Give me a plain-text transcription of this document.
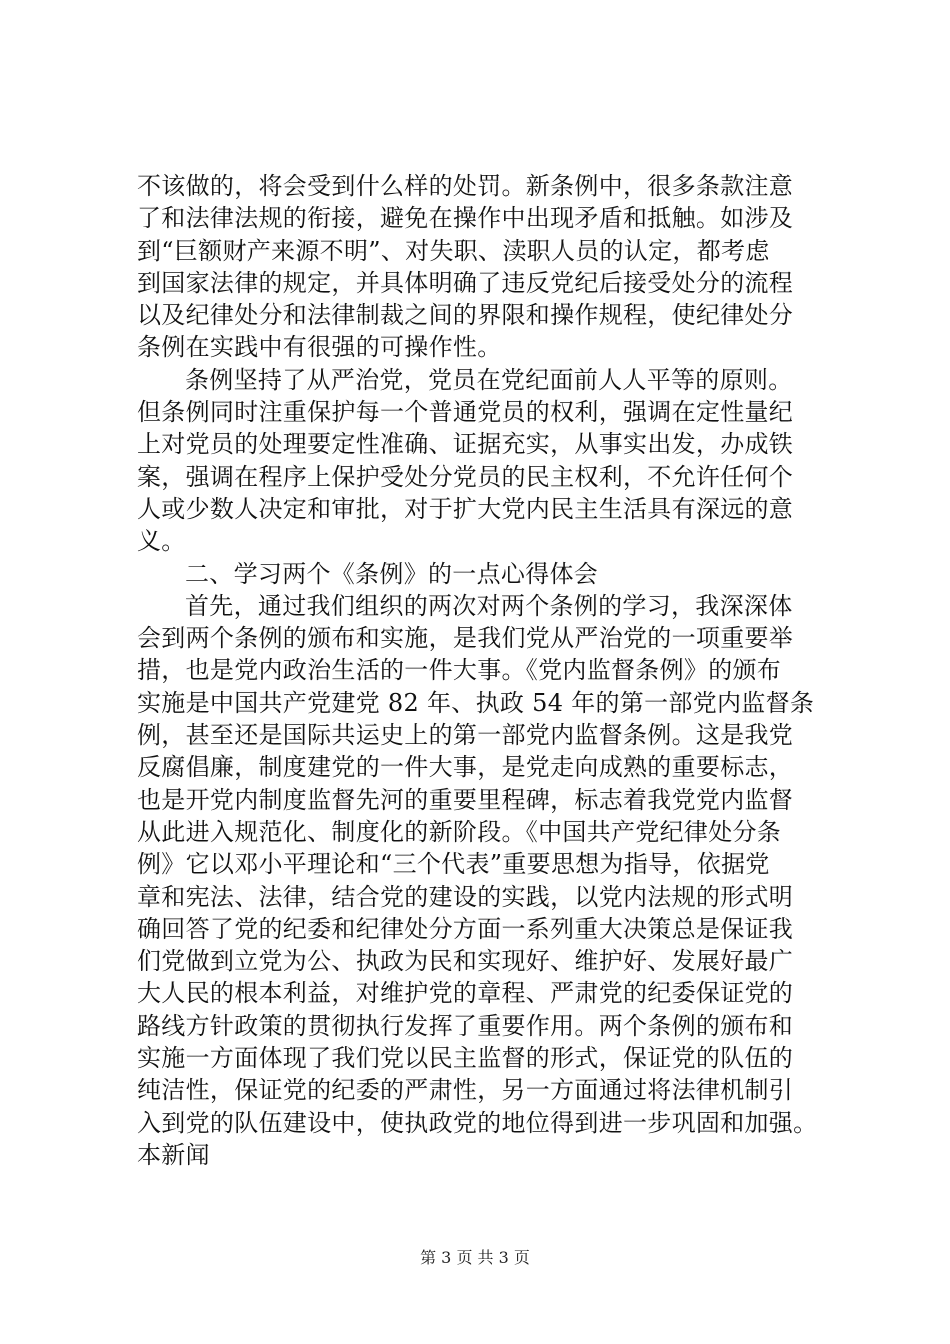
不该做的，将会受到什么样的处罚。新条例中，很多条款注意
了和法律法规的衔接，避免在操作中出现矛盾和抵触。如涉及
到“巨额财产来源不明”、对失职、渎职人员的认定，都考虑
到国家法律的规定，并具体明确了违反党纪后接受处分的流程
以及纪律处分和法律制裁之间的界限和操作规程，使纪律处分
条例在实践中有很强的可操作性。
条例坚持了从严治党，党员在党纪面前人人平等的原则。
但条例同时注重保护每一个普通党员的权利，强调在定性量纪
上对党员的处理要定性准确、证据充实，从事实出发，办成铁
案，强调在程序上保护受处分党员的民主权利，不允许任何个
人或少数人决定和审批，对于扩大党内民主生活具有深远的意
义。
二、学习两个《条例》的一点心得体会
首先，通过我们组织的两次对两个条例的学习，我深深体
会到两个条例的颁布和实施，是我们党从严治党的一项重要举
措，也是党内政治生活的一件大事。《党内监督条例》的颁布
实施是中国共产党建党 82 年、执政 54 年的第一部党内监督条
例，甚至还是国际共运史上的第一部党内监督条例。这是我党
反腐倡廉，制度建党的一件大事，是党走向成熟的重要标志，
也是开党内制度监督先河的重要里程碑，标志着我党党内监督
从此进入规范化、制度化的新阶段。《中国共产党纪律处分条
例》它以邓小平理论和“三个代表”重要思想为指导，依据党
章和宪法、法律，结合党的建设的实践，以党内法规的形式明
确回答了党的纪委和纪律处分方面一系列重大决策总是保证我
们党做到立党为公、执政为民和实现好、维护好、发展好最广
大人民的根本利益，对维护党的章程、严肃党的纪委保证党的
路线方针政策的贯彻执行发挥了重要作用。两个条例的颁布和
实施一方面体现了我们党以民主监督的形式，保证党的队伍的
纯洁性，保证党的纪委的严肃性，另一方面通过将法律机制引
入到党的队伍建设中，使执政党的地位得到进一步巩固和加强。
本新闻
第 3 页 共 3 页
